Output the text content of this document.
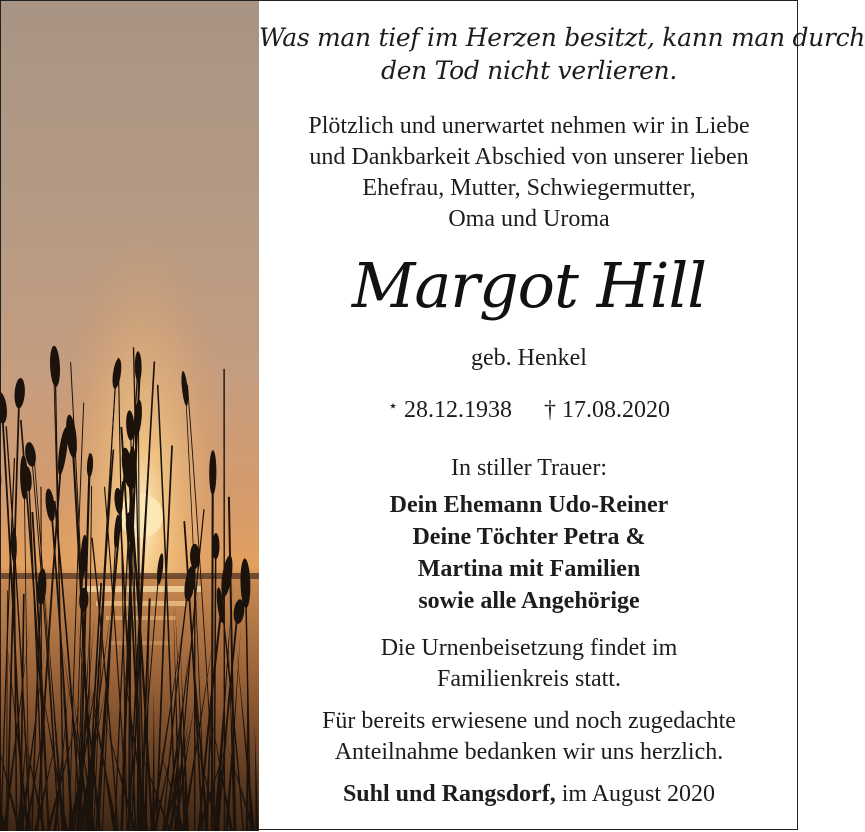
Was man tief im Herzen besitzt, kann man durch
den Tod nicht verlieren.
Plötzlich und unerwartet nehmen wir in Liebe
und Dankbarkeit Abschied von unserer lieben
Ehefrau, Mutter, Schwiegermutter,
Oma und Uroma
Margot Hill
geb. Henkel
⋆ 28.12.1938 † 17.08.2020
In stiller Trauer:
Dein Ehemann Udo-Reiner
Deine Töchter Petra &
Martina mit Familien
sowie alle Angehörige
Die Urnenbeisetzung findet im
Familienkreis statt.
Für bereits erwiesene und noch zugedachte
Anteilnahme bedanken wir uns herzlich.
Suhl und Rangsdorf, im August 2020
